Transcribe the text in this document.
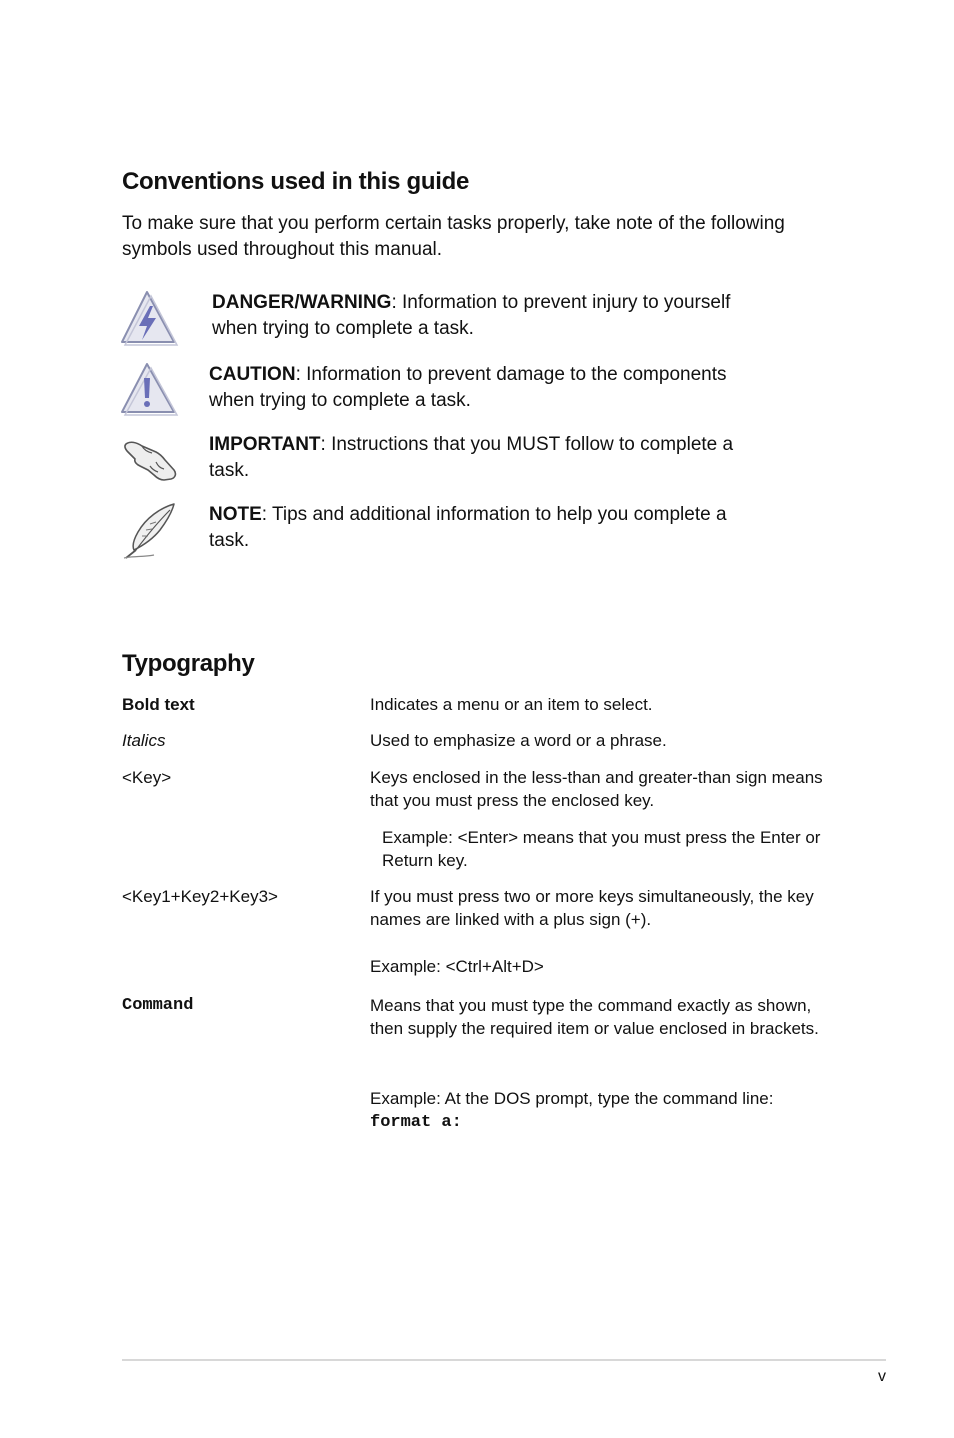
Conventions used in this guide

To make sure that you perform certain tasks properly, take note of the following symbols used throughout this manual.

DANGER/WARNING: Information to prevent injury to yourself when trying to complete a task.

CAUTION: Information to prevent damage to the components when trying to complete a task.

IMPORTANT: Instructions that you MUST follow to complete a task.

NOTE: Tips and additional information to help you complete a task.

Typography

Bold text	Indicates a menu or an item to select.

Italics	Used to emphasize a word or a phrase.

<Key>	Keys enclosed in the less-than and greater-than sign means that you must press the enclosed key.

Example: <Enter> means that you must press the Enter or Return key.

<Key1+Key2+Key3>	If you must press two or more keys simultaneously, the key names are linked with a plus sign (+).

Example: <Ctrl+Alt+D>

Command	Means that you must type the command exactly as shown, then supply the required item or value enclosed in brackets.

Example: At the DOS prompt, type the command line:

format a:

v
